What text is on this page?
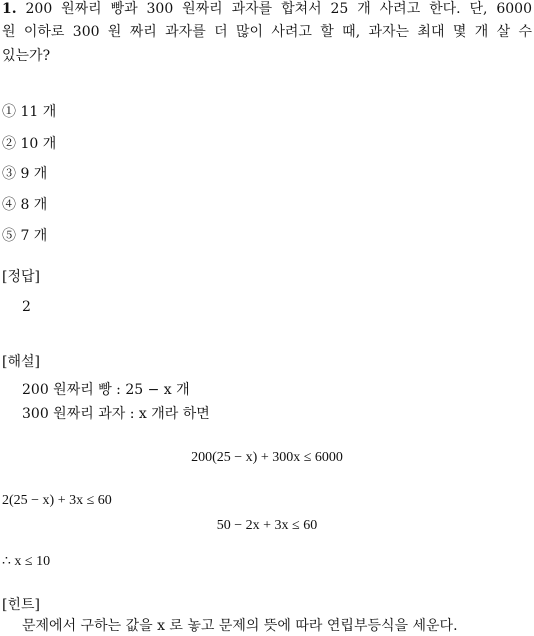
1. 200 원짜리 빵과 300 원짜리 과자를 합쳐서 25 개 사려고 한다. 단, 6000
원 이하로 300 원 짜리 과자를 더 많이 사려고 할 때, 과자는 최대 몇 개 살 수
있는가?
① 11 개
② 10 개
③ 9 개
④ 8 개
⑤ 7 개
[정답]
2
[해설]
200 원짜리 빵 : 25 − x 개
300 원짜리 과자 : x 개라 하면
200(25 − x) + 300x ≤ 6000
2(25 − x) + 3x ≤ 60
50 − 2x + 3x ≤ 60
∴ x ≤ 10
[힌트]
문제에서 구하는 값을 x 로 놓고 문제의 뜻에 따라 연립부등식을 세운다.
